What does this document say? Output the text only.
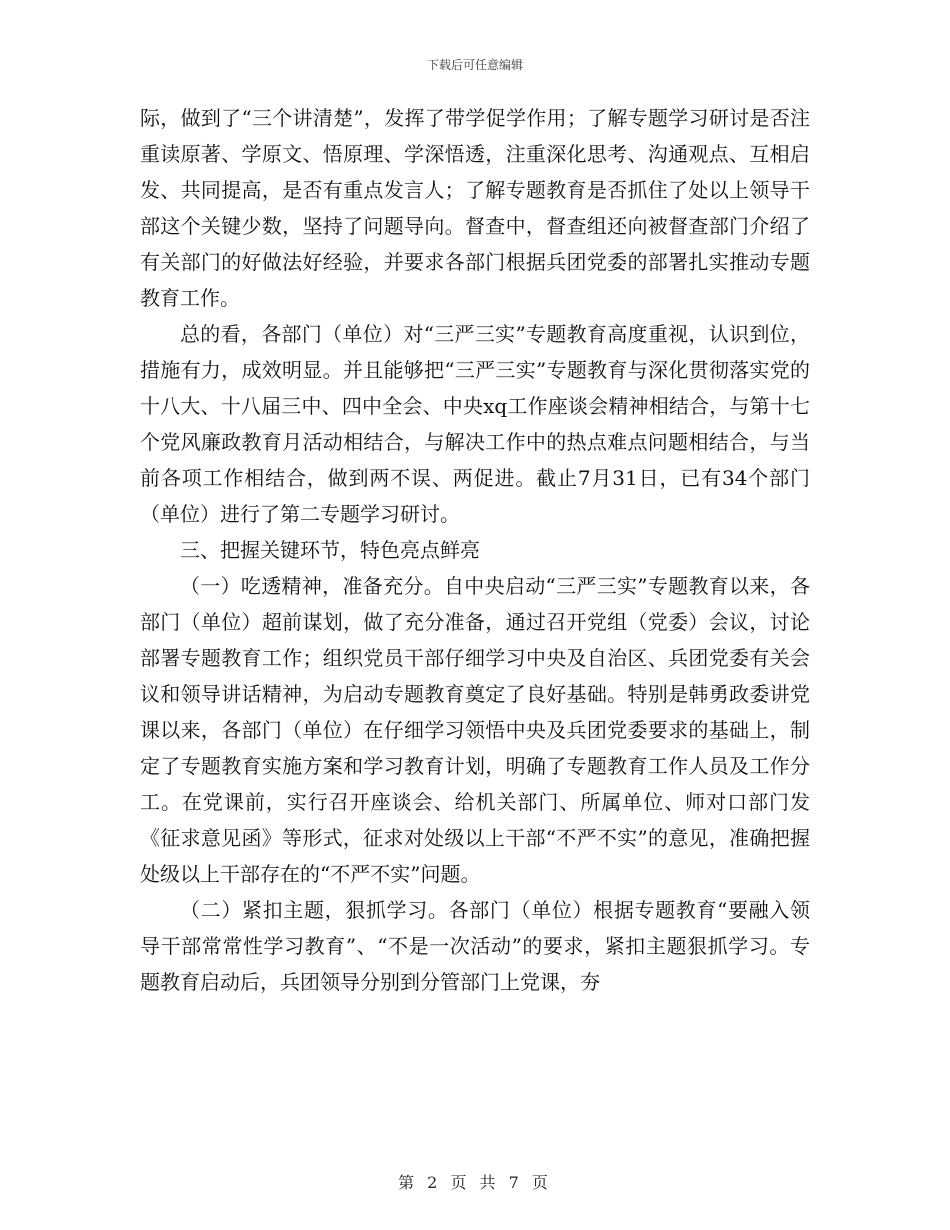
下载后可任意编辑

际，做到了“三个讲清楚”，发挥了带学促学作用；了解专题学习研讨是否注重读原著、学原文、悟原理、学深悟透，注重深化思考、沟通观点、互相启发、共同提高，是否有重点发言人；了解专题教育是否抓住了处以上领导干部这个关键少数，坚持了问题导向。督查中，督查组还向被督查部门介绍了有关部门的好做法好经验，并要求各部门根据兵团党委的部署扎实推动专题教育工作。

总的看，各部门（单位）对“三严三实”专题教育高度重视，认识到位，措施有力，成效明显。并且能够把“三严三实”专题教育与深化贯彻落实党的十八大、十八届三中、四中全会、中央xq工作座谈会精神相结合，与第十七个党风廉政教育月活动相结合，与解决工作中的热点难点问题相结合，与当前各项工作相结合，做到两不误、两促进。截止7月31日，已有34个部门（单位）进行了第二专题学习研讨。

三、把握关键环节，特色亮点鲜亮

（一）吃透精神，准备充分。自中央启动“三严三实”专题教育以来，各部门（单位）超前谋划，做了充分准备，通过召开党组（党委）会议，讨论部署专题教育工作；组织党员干部仔细学习中央及自治区、兵团党委有关会议和领导讲话精神，为启动专题教育奠定了良好基础。特别是韩勇政委讲党课以来，各部门（单位）在仔细学习领悟中央及兵团党委要求的基础上，制定了专题教育实施方案和学习教育计划，明确了专题教育工作人员及工作分工。在党课前，实行召开座谈会、给机关部门、所属单位、师对口部门发《征求意见函》等形式，征求对处级以上干部“不严不实”的意见，准确把握处级以上干部存在的“不严不实”问题。

（二）紧扣主题，狠抓学习。各部门（单位）根据专题教育“要融入领导干部常常性学习教育”、“不是一次活动”的要求，紧扣主题狠抓学习。专题教育启动后，兵团领导分别到分管部门上党课，夯

第 2 页 共 7 页
